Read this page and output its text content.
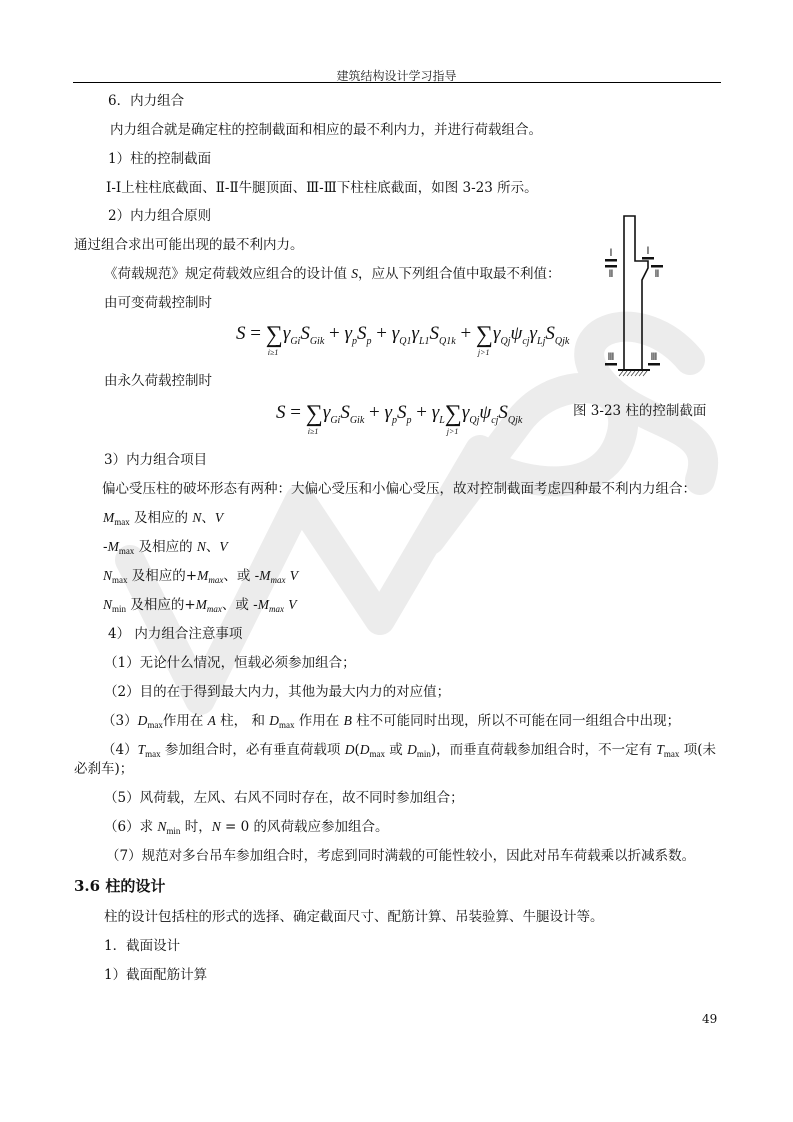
建筑结构设计学习指导
6．内力组合
内力组合就是确定柱的控制截面和相应的最不利内力，并进行荷载组合。
1）柱的控制截面
Ⅰ-Ⅰ上柱柱底截面、Ⅱ-Ⅱ牛腿顶面、Ⅲ-Ⅲ下柱柱底截面，如图 3-23 所示。
2）内力组合原则
通过组合求出可能出现的最不利内力。
《荷载规范》规定荷载效应组合的设计值 S，应从下列组合值中取最不利值：
由可变荷载控制时
S = ∑
i≥1
$\gamma_{Gi}S_{Gik} + \gamma_pS_p + \gamma_{Q1}\gamma_{L1}S_{Q1k}$ + ∑
j>1
$\gamma_{Qj}\psi_{cj}\gamma_{Lj}S_{Qjk}$
由永久荷载控制时
S = ∑
i≥1
$\gamma_{Gi}S_{Gik} + \gamma_pS_p + \gamma_L\sum$
j>1
$\gamma_{Qj}\psi_{cj}S_{Qjk}$
Ⅰ
Ⅱ
Ⅰ
Ⅱ
Ⅲ	Ⅲ
图 3-23 柱的控制截面
3）内力组合项目
偏心受压柱的破坏形态有两种：大偏心受压和小偏心受压，故对控制截面考虑四种最不利内力组合：
$M_{max}$ 及相应的 N、V
$-M_{max}$ 及相应的 N、V
$N_{max}$ 及相应的$+M_{max}$、或 $-M_{max}$ V
$N_{min}$ 及相应的$+M_{max}$、或 $-M_{max}$ V
4） 内力组合注意事项
（1）无论什么情况，恒载必须参加组合；
（2）目的在于得到最大内力，其他为最大内力的对应值；
$(3)D_{max}$作用在 A 柱， 和 $D_{max}$ 作用在 B 柱不可能同时出现，所以不可能在同一组组合中出现；
$(4)T_{max}$ 参加组合时，必有垂直荷载项 $D(D_{max}$ 或 $D_{min}$)，而垂直荷载参加组合时，不一定有 $T_{max}$ 项(未
必刹车)；
（5）风荷载，左风、右风不同时存在，故不同时参加组合；
（6）求 $N_{min}$ 时，N = 0 的风荷载应参加组合。
（7）规范对多台吊车参加组合时，考虑到同时满载的可能性较小，因此对吊车荷载乘以折减系数。
3.6 柱的设计
柱的设计包括柱的形式的选择、确定截面尺寸、配筋计算、吊装验算、牛腿设计等。
1．截面设计
1）截面配筋计算
49
